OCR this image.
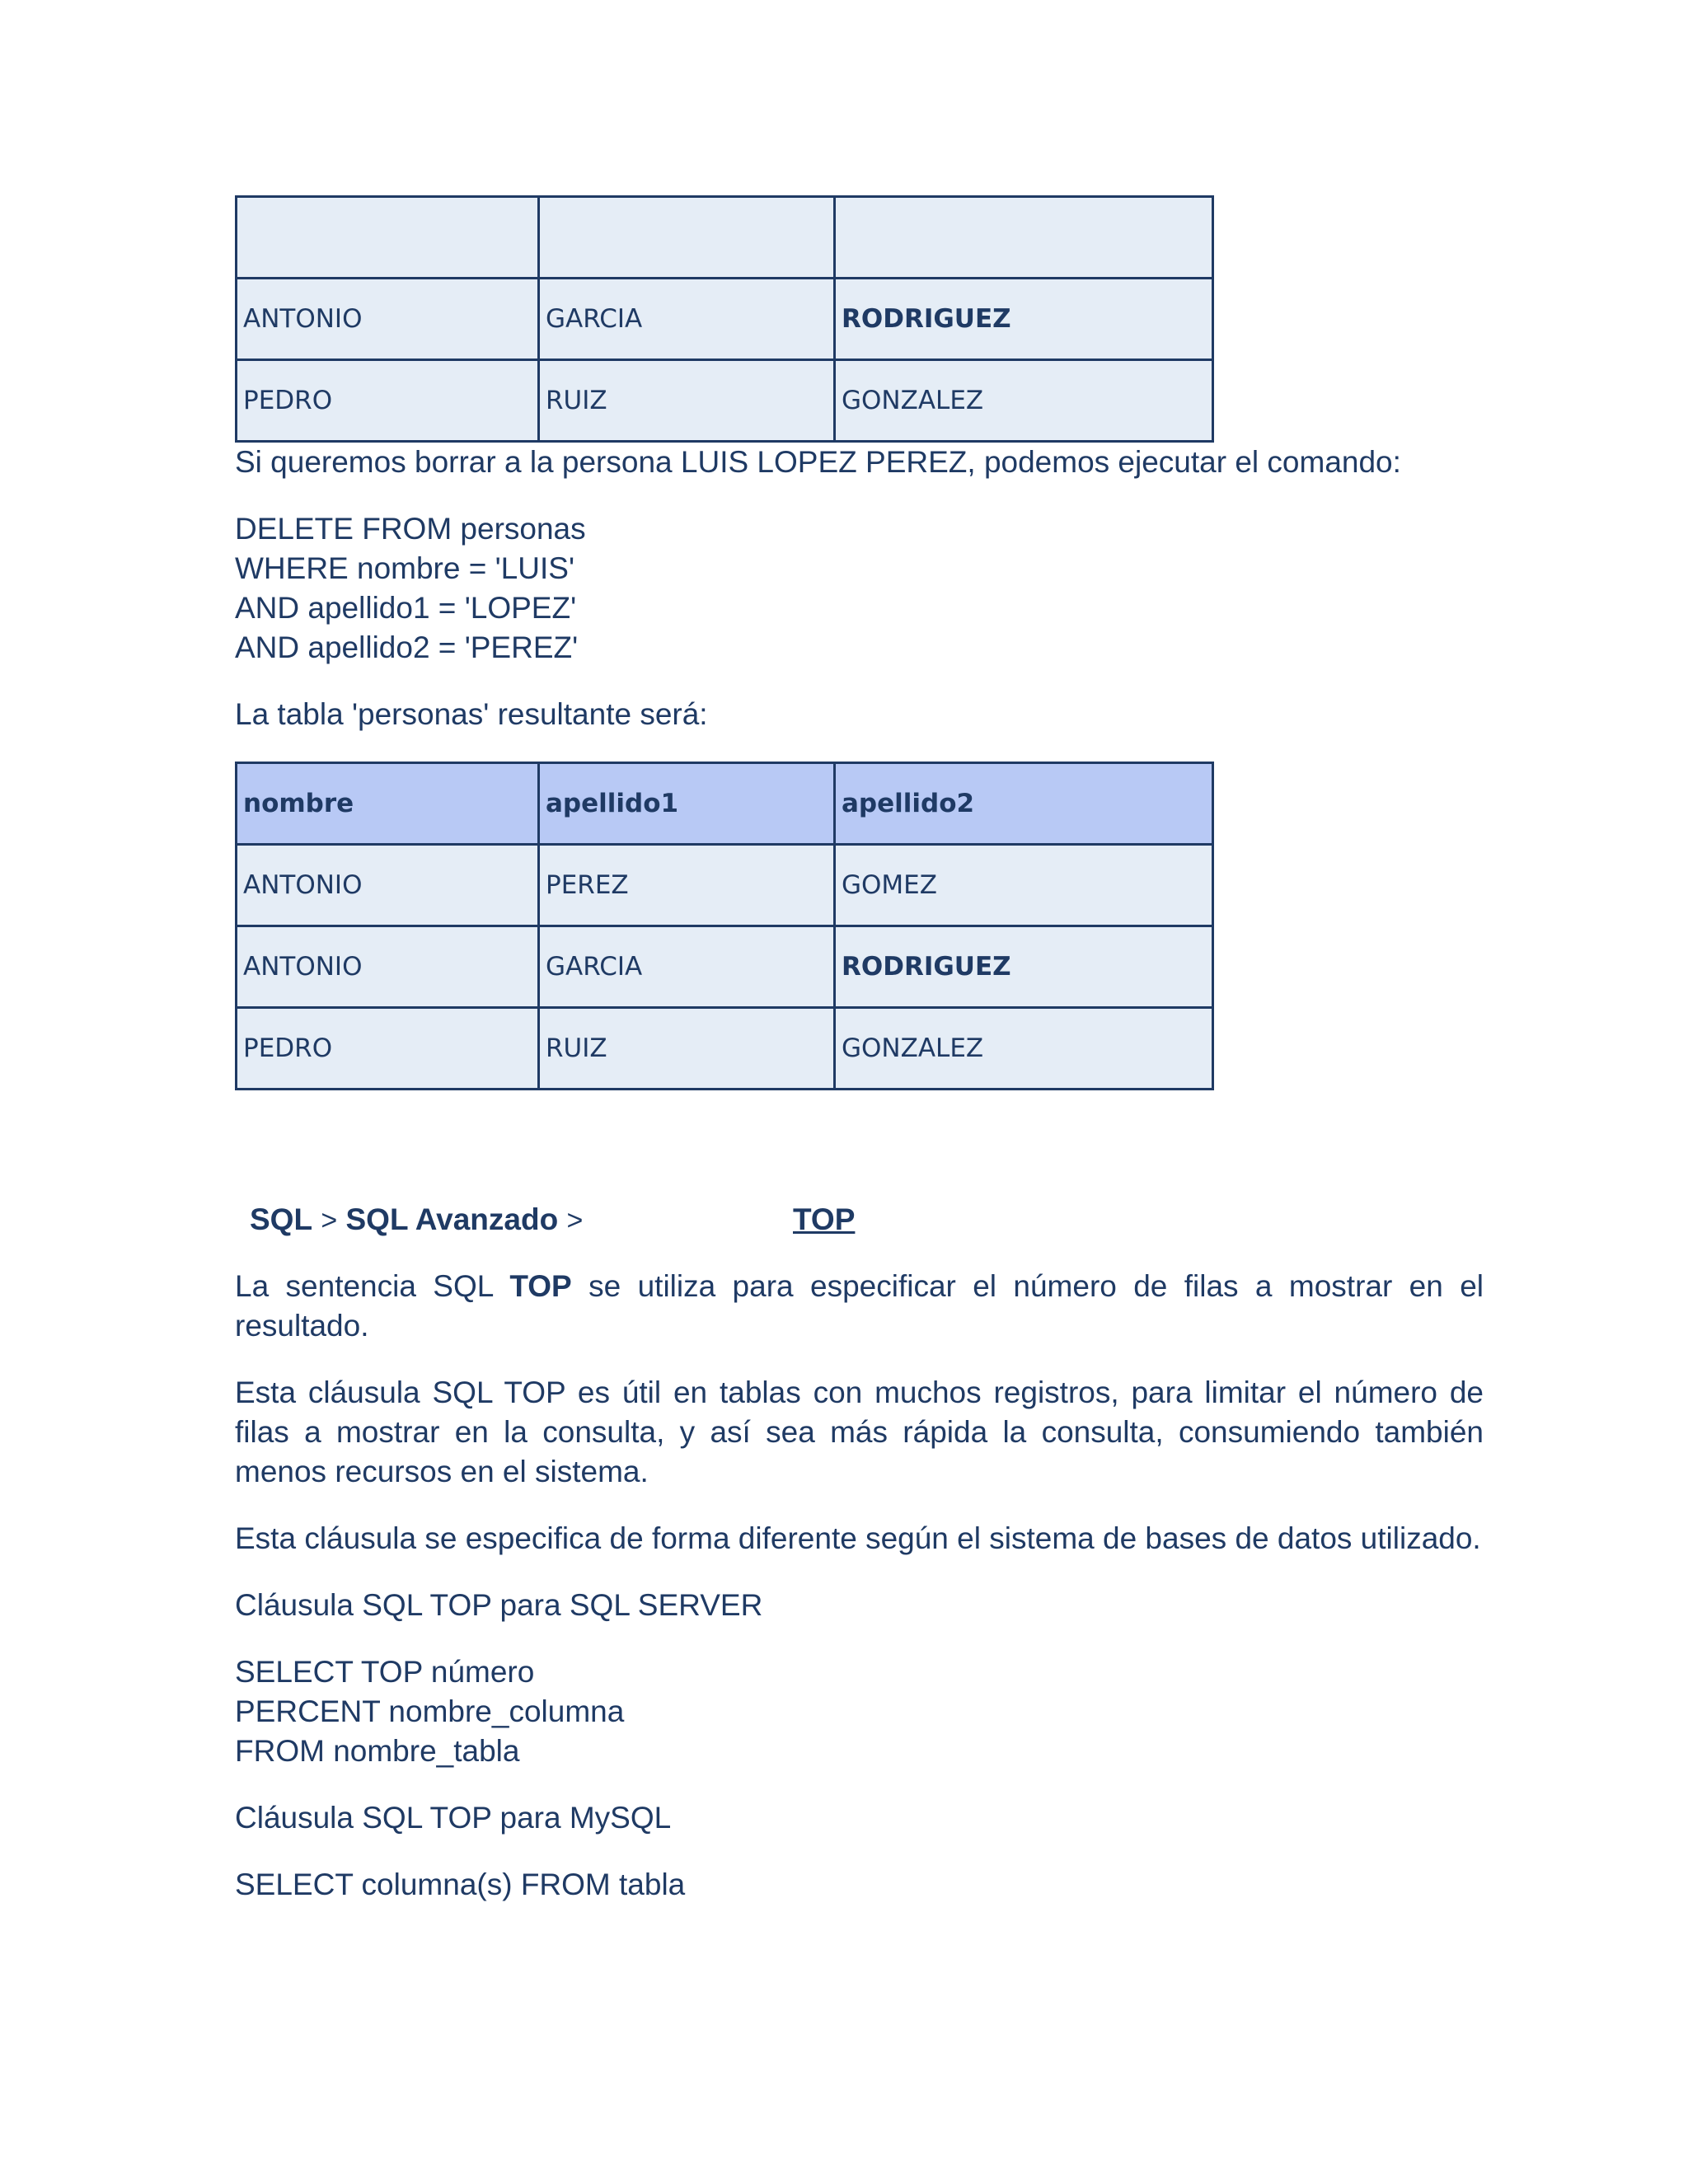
ANTONIO	GARCIA	RODRIGUEZ
PEDRO	RUIZ	GONZALEZ

Si queremos borrar a la persona LUIS LOPEZ PEREZ, podemos ejecutar el comando:

DELETE FROM personas
WHERE nombre = 'LUIS'
AND apellido1 = 'LOPEZ'
AND apellido2 = 'PEREZ'

La tabla 'personas' resultante será:

nombre	apellido1	apellido2
ANTONIO	PEREZ	GOMEZ
ANTONIO	GARCIA	RODRIGUEZ
PEDRO	RUIZ	GONZALEZ
SQL > SQL Avanzado >	TOP

La sentencia SQL TOP se utiliza para especificar el número de filas a mostrar en el resultado.

Esta cláusula SQL TOP es útil en tablas con muchos registros, para limitar el número de filas a mostrar en la consulta, y así sea más rápida la consulta, consumiendo también menos recursos en el sistema.

Esta cláusula se especifica de forma diferente según el sistema de bases de datos utilizado.

Cláusula SQL TOP para SQL SERVER

SELECT TOP número

PERCENT nombre_columna

FROM nombre_tabla

Cláusula SQL TOP para MySQL

SELECT columna(s) FROM tabla
